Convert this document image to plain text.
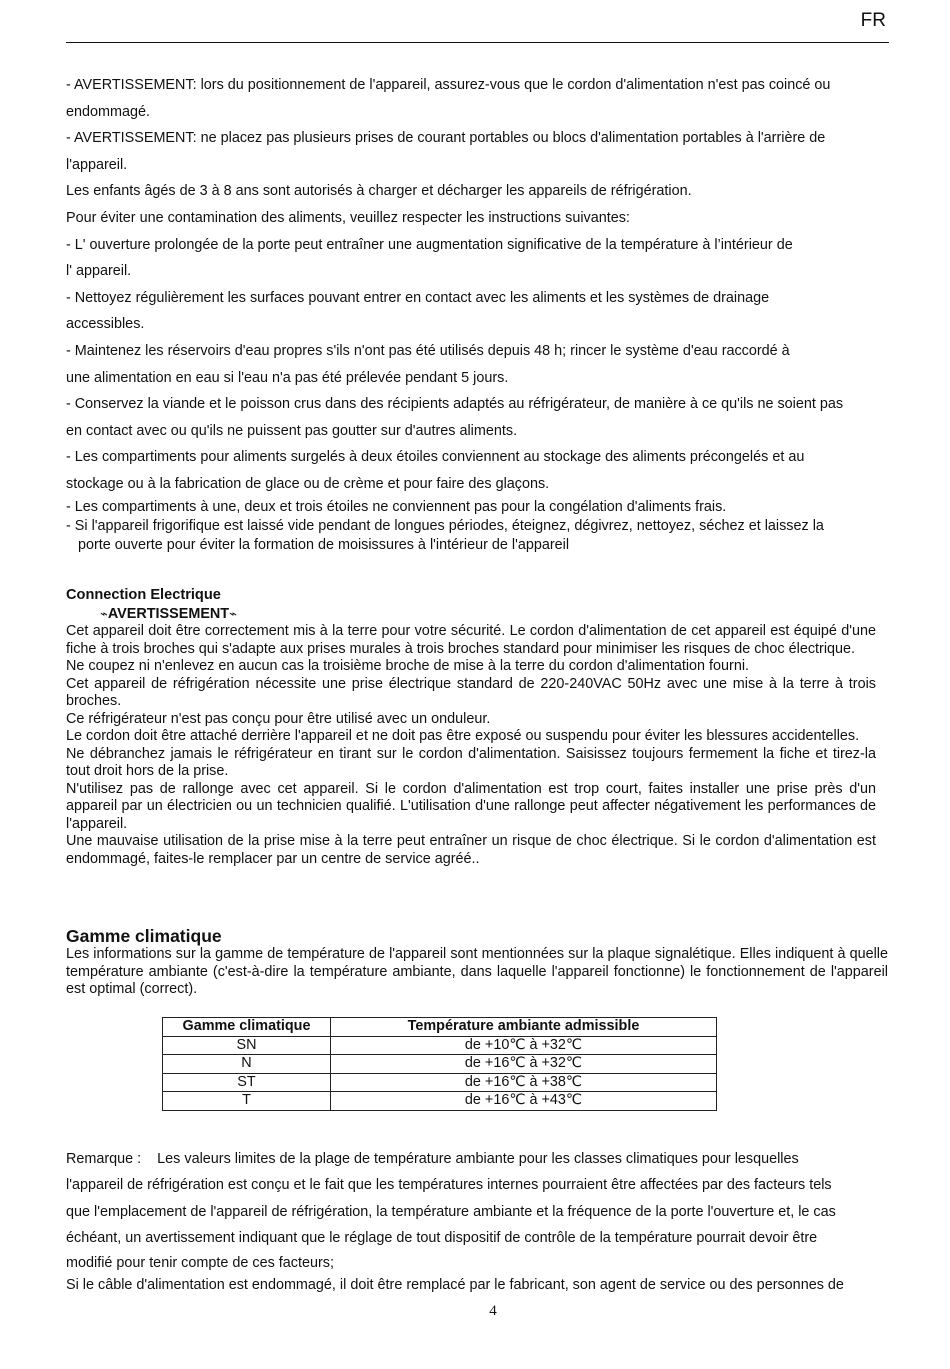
FR
- AVERTISSEMENT: lors du positionnement de l'appareil, assurez-vous que le cordon d'alimentation n'est pas coincé ou
endommagé.
- AVERTISSEMENT: ne placez pas plusieurs prises de courant portables ou blocs d'alimentation portables à l'arrière de
l'appareil.
Les enfants âgés de 3 à 8 ans sont autorisés à charger et décharger les appareils de réfrigération.
Pour éviter une contamination des aliments, veuillez respecter les instructions suivantes:
- L' ouverture prolongée de la porte peut entraîner une augmentation significative de la température à l’intérieur de
l' appareil.
- Nettoyez régulièrement les surfaces pouvant entrer en contact avec les aliments et les systèmes de drainage
accessibles.
- Maintenez les réservoirs d'eau propres s'ils n'ont pas été utilisés depuis 48 h; rincer le système d'eau raccordé à
une alimentation en eau si l'eau n'a pas été prélevée pendant 5 jours.
- Conservez la viande et le poisson crus dans des récipients adaptés au réfrigérateur, de manière à ce qu'ils ne soient pas
en contact avec ou qu'ils ne puissent pas goutter sur d'autres aliments.
- Les compartiments pour aliments surgelés à deux étoiles conviennent au stockage des aliments précongelés et au
stockage ou à la fabrication de glace ou de crème et pour faire des glaçons.
- Les compartiments à une, deux et trois étoiles ne conviennent pas pour la congélation d'aliments frais.
- Si l'appareil frigorifique est laissé vide pendant de longues périodes, éteignez, dégivrez, nettoyez, séchez et laissez la
porte ouverte pour éviter la formation de moisissures à l'intérieur de l'appareil
Connection Electrique
⌁AVERTISSEMENT⌁

Cet appareil doit être correctement mis à la terre pour votre sécurité. Le cordon d'alimentation de cet appareil est équipé d'une fiche à trois broches qui s'adapte aux prises murales à trois broches standard pour minimiser les risques de choc électrique.

Ne coupez ni n'enlevez en aucun cas la troisième broche de mise à la terre du cordon d'alimentation fourni.

Cet appareil de réfrigération nécessite une prise électrique standard de 220-240VAC 50Hz avec une mise à la terre à trois broches.

Ce réfrigérateur n'est pas conçu pour être utilisé avec un onduleur.

Le cordon doit être attaché derrière l'appareil et ne doit pas être exposé ou suspendu pour éviter les blessures accidentelles.

Ne débranchez jamais le réfrigérateur en tirant sur le cordon d'alimentation. Saisissez toujours fermement la fiche et tirez-la tout droit hors de la prise.

N'utilisez pas de rallonge avec cet appareil. Si le cordon d'alimentation est trop court, faites installer une prise près d'un appareil par un électricien ou un technicien qualifié. L'utilisation d'une rallonge peut affecter négativement les performances de l'appareil.

Une mauvaise utilisation de la prise mise à la terre peut entraîner un risque de choc électrique. Si le cordon d'alimentation est endommagé, faites-le remplacer par un centre de service agréé..

Gamme climatique

Les informations sur la gamme de température de l'appareil sont mentionnées sur la plaque signalétique. Elles indiquent à quelle température ambiante (c'est-à-dire la température ambiante, dans laquelle l'appareil fonctionne) le fonctionnement de l'appareil est optimal (correct).

Gamme climatique	Température ambiante admissible
SN	de +10℃ à +32℃
N	de +16℃ à +32℃
ST	de +16℃ à +38℃
T	de +16℃ à +43℃
Remarque :    Les valeurs limites de la plage de température ambiante pour les classes climatiques pour lesquelles
l'appareil de réfrigération est conçu et le fait que les températures internes pourraient être affectées par des facteurs tels
que l'emplacement de l'appareil de réfrigération, la température ambiante et la fréquence de la porte l'ouverture et, le cas
échéant, un avertissement indiquant que le réglage de tout dispositif de contrôle de la température pourrait devoir être
modifié pour tenir compte de ces facteurs;
Si le câble d'alimentation est endommagé, il doit être remplacé par le fabricant, son agent de service ou des personnes de
4
